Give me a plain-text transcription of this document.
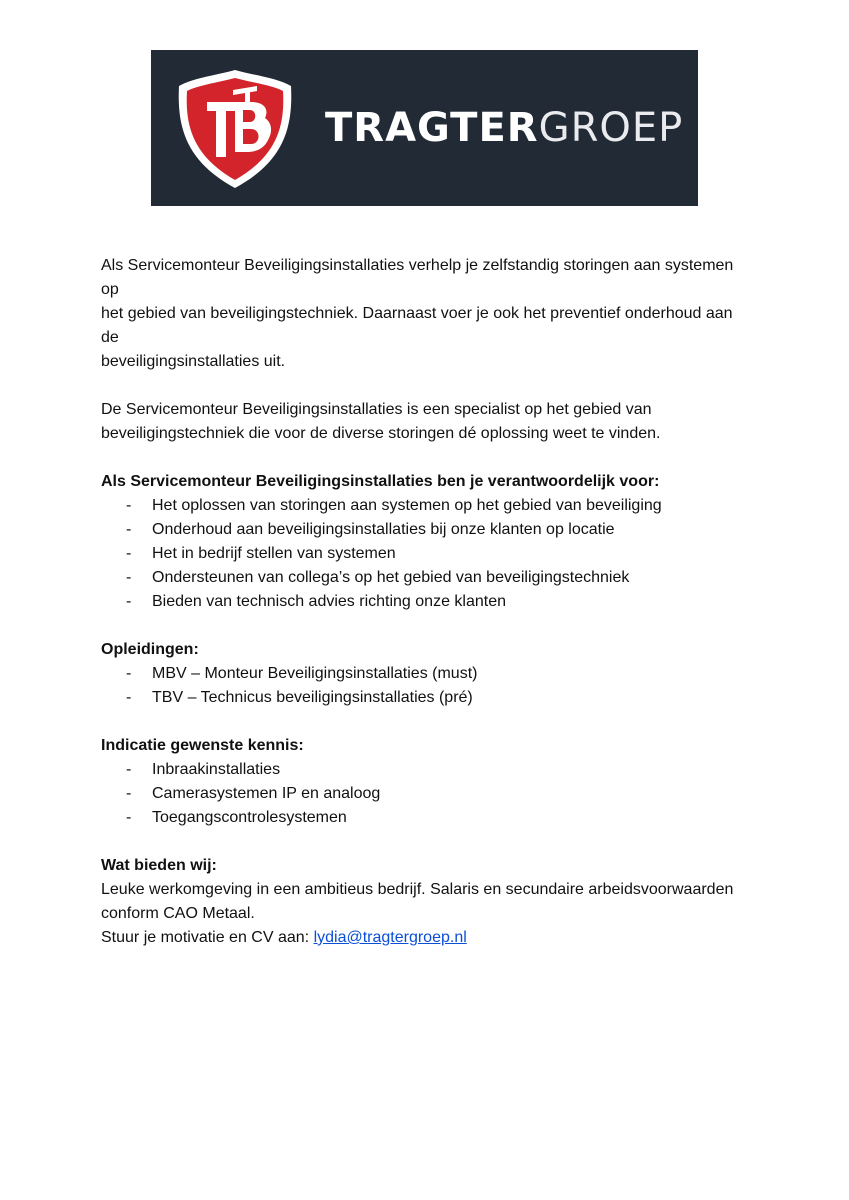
TRAGTERGROEP

Als Servicemonteur Beveiligingsinstallaties verhelp je zelfstandig storingen aan systemen op
het gebied van beveiligingstechniek. Daarnaast voer je ook het preventief onderhoud aan de
beveiligingsinstallaties uit.

De Servicemonteur Beveiligingsinstallaties is een specialist op het gebied van
beveiligingstechniek die voor de diverse storingen dé oplossing weet te vinden.

Als Servicemonteur Beveiligingsinstallaties ben je verantwoordelijk voor:

- Het oplossen van storingen aan systemen op het gebied van beveiliging
- Onderhoud aan beveiligingsinstallaties bij onze klanten op locatie
- Het in bedrijf stellen van systemen
- Ondersteunen van collega’s op het gebied van beveiligingstechniek
- Bieden van technisch advies richting onze klanten

Opleidingen:

- MBV – Monteur Beveiligingsinstallaties (must)
- TBV – Technicus beveiligingsinstallaties (pré)

Indicatie gewenste kennis:

- Inbraakinstallaties
- Camerasystemen IP en analoog
- Toegangscontrolesystemen

Wat bieden wij:

Leuke werkomgeving in een ambitieus bedrijf. Salaris en secundaire arbeidsvoorwaarden
conform CAO Metaal.
Stuur je motivatie en CV aan: lydia@tragtergroep.nl
